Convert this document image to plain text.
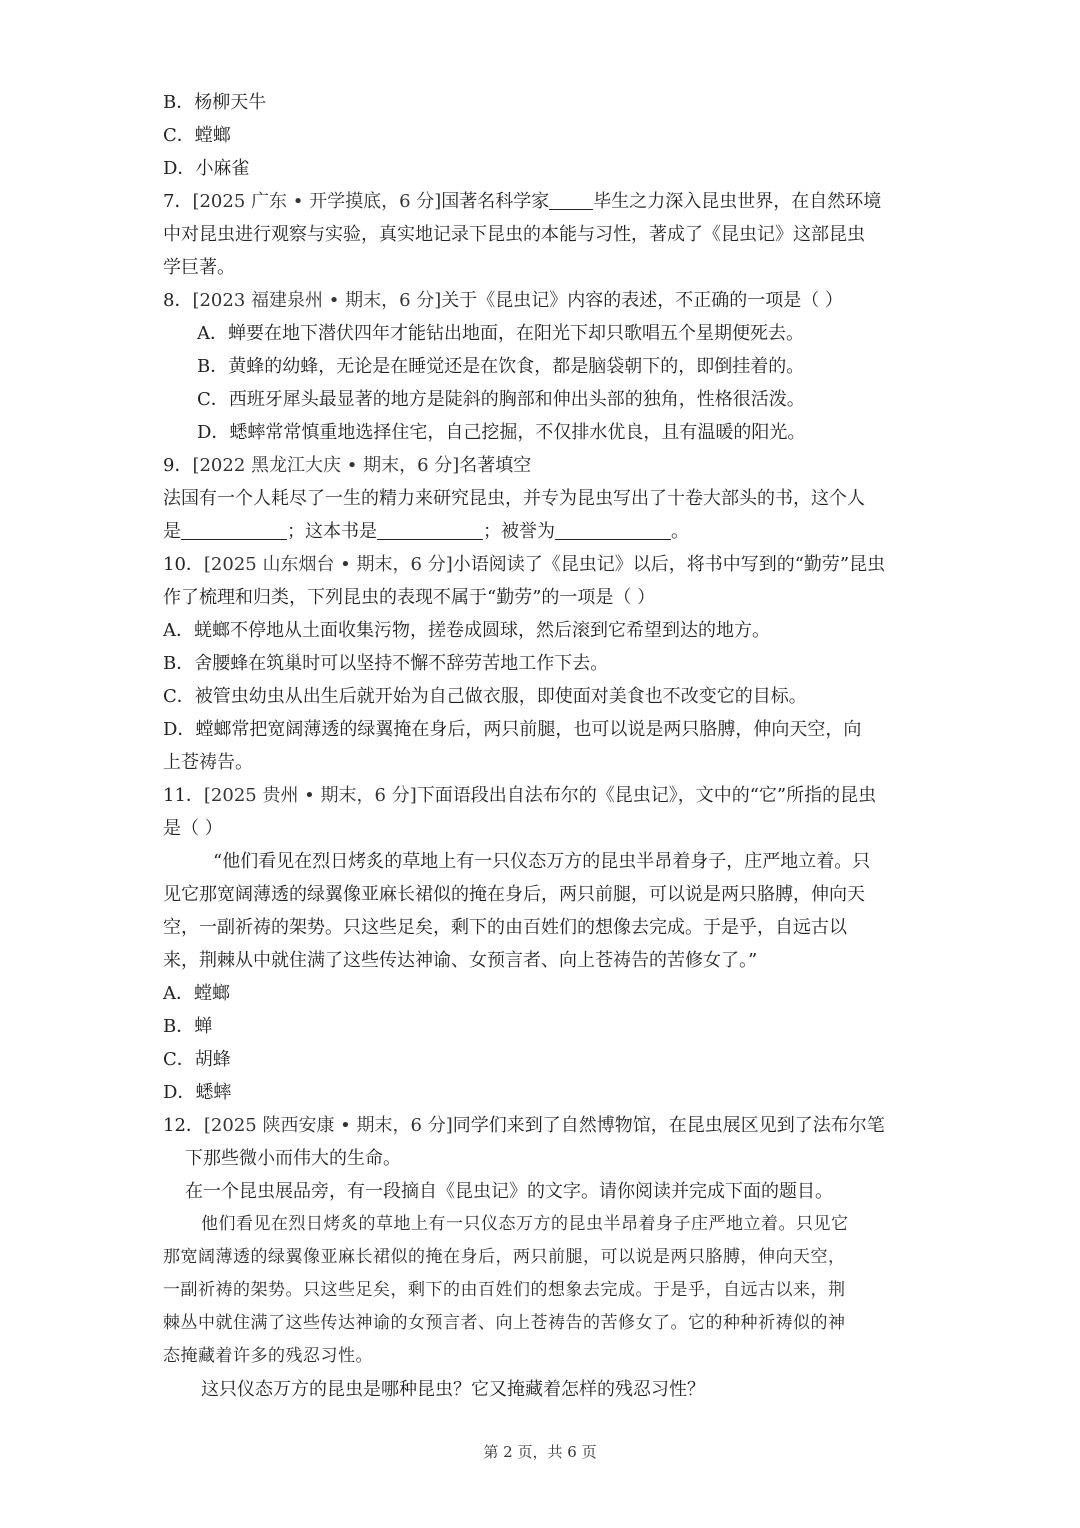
B．杨柳天牛
C．螳螂
D．小麻雀
7．[2025 广东 • 开学摸底，6 分]国著名科学家 毕生之力深入昆虫世界，在自然环境
中对昆虫进行观察与实验，真实地记录下昆虫的本能与习性，著成了《昆虫记》这部昆虫
学巨著。
8．[2023 福建泉州 • 期末，6 分]关于《昆虫记》内容的表述，不正确的一项是（ ）
A．蝉要在地下潜伏四年才能钻出地面，在阳光下却只歌唱五个星期便死去。
B．黄蜂的幼蜂，无论是在睡觉还是在饮食，都是脑袋朝下的，即倒挂着的。
C．西班牙犀头最显著的地方是陡斜的胸部和伸出头部的独角，性格很活泼。
D．蟋蟀常常慎重地选择住宅，自己挖掘，不仅排水优良，且有温暖的阳光。
9．[2022 黑龙江大庆 • 期末，6 分]名著填空
法国有一个人耗尽了一生的精力来研究昆虫，并专为昆虫写出了十卷大部头的书，这个人
是	；这本书是	；被誉为	。
10．[2025 山东烟台 • 期末，6 分]小语阅读了《昆虫记》以后，将书中写到的“勤劳”昆虫
作了梳理和归类，下列昆虫的表现不属于“勤劳”的一项是（ ）
A．蜣螂不停地从土面收集污物，搓卷成圆球，然后滚到它希望到达的地方。
B．舍腰蜂在筑巢时可以坚持不懈不辞劳苦地工作下去。
C．被管虫幼虫从出生后就开始为自己做衣服，即使面对美食也不改变它的目标。
D．螳螂常把宽阔薄透的绿翼掩在身后，两只前腿，也可以说是两只胳膊，伸向天空，向
上苍祷告。
11．[2025 贵州 • 期末，6 分]下面语段出自法布尔的《昆虫记》，文中的“它”所指的昆虫
是（ ）
“他们看见在烈日烤炙的草地上有一只仪态万方的昆虫半昂着身子，庄严地立着。只
见它那宽阔薄透的绿翼像亚麻长裙似的掩在身后，两只前腿，可以说是两只胳膊，伸向天
空，一副祈祷的架势。只这些足矣，剩下的由百姓们的想像去完成。于是乎，自远古以
来，荆棘从中就住满了这些传达神谕、女预言者、向上苍祷告的苦修女了。”
A．螳螂
B．蝉
C．胡蜂
D．蟋蟀
12．[2025 陕西安康 • 期末，6 分]同学们来到了自然博物馆，在昆虫展区见到了法布尔笔
下那些微小而伟大的生命。
在一个昆虫展品旁，有一段摘自《昆虫记》的文字。请你阅读并完成下面的题目。
他们看见在烈日烤炙的草地上有一只仪态万方的昆虫半昂着身子庄严地立着。只见它
那宽阔薄透的绿翼像亚麻长裙似的掩在身后，两只前腿，可以说是两只胳膊，伸向天空，
一副祈祷的架势。只这些足矣，剩下的由百姓们的想象去完成。于是乎，自远古以来，荆
棘丛中就住满了这些传达神谕的女预言者、向上苍祷告的苦修女了。它的种种祈祷似的神
态掩藏着许多的残忍习性。
这只仪态万方的昆虫是哪种昆虫？它又掩藏着怎样的残忍习性？
第 2 页，共 6 页
